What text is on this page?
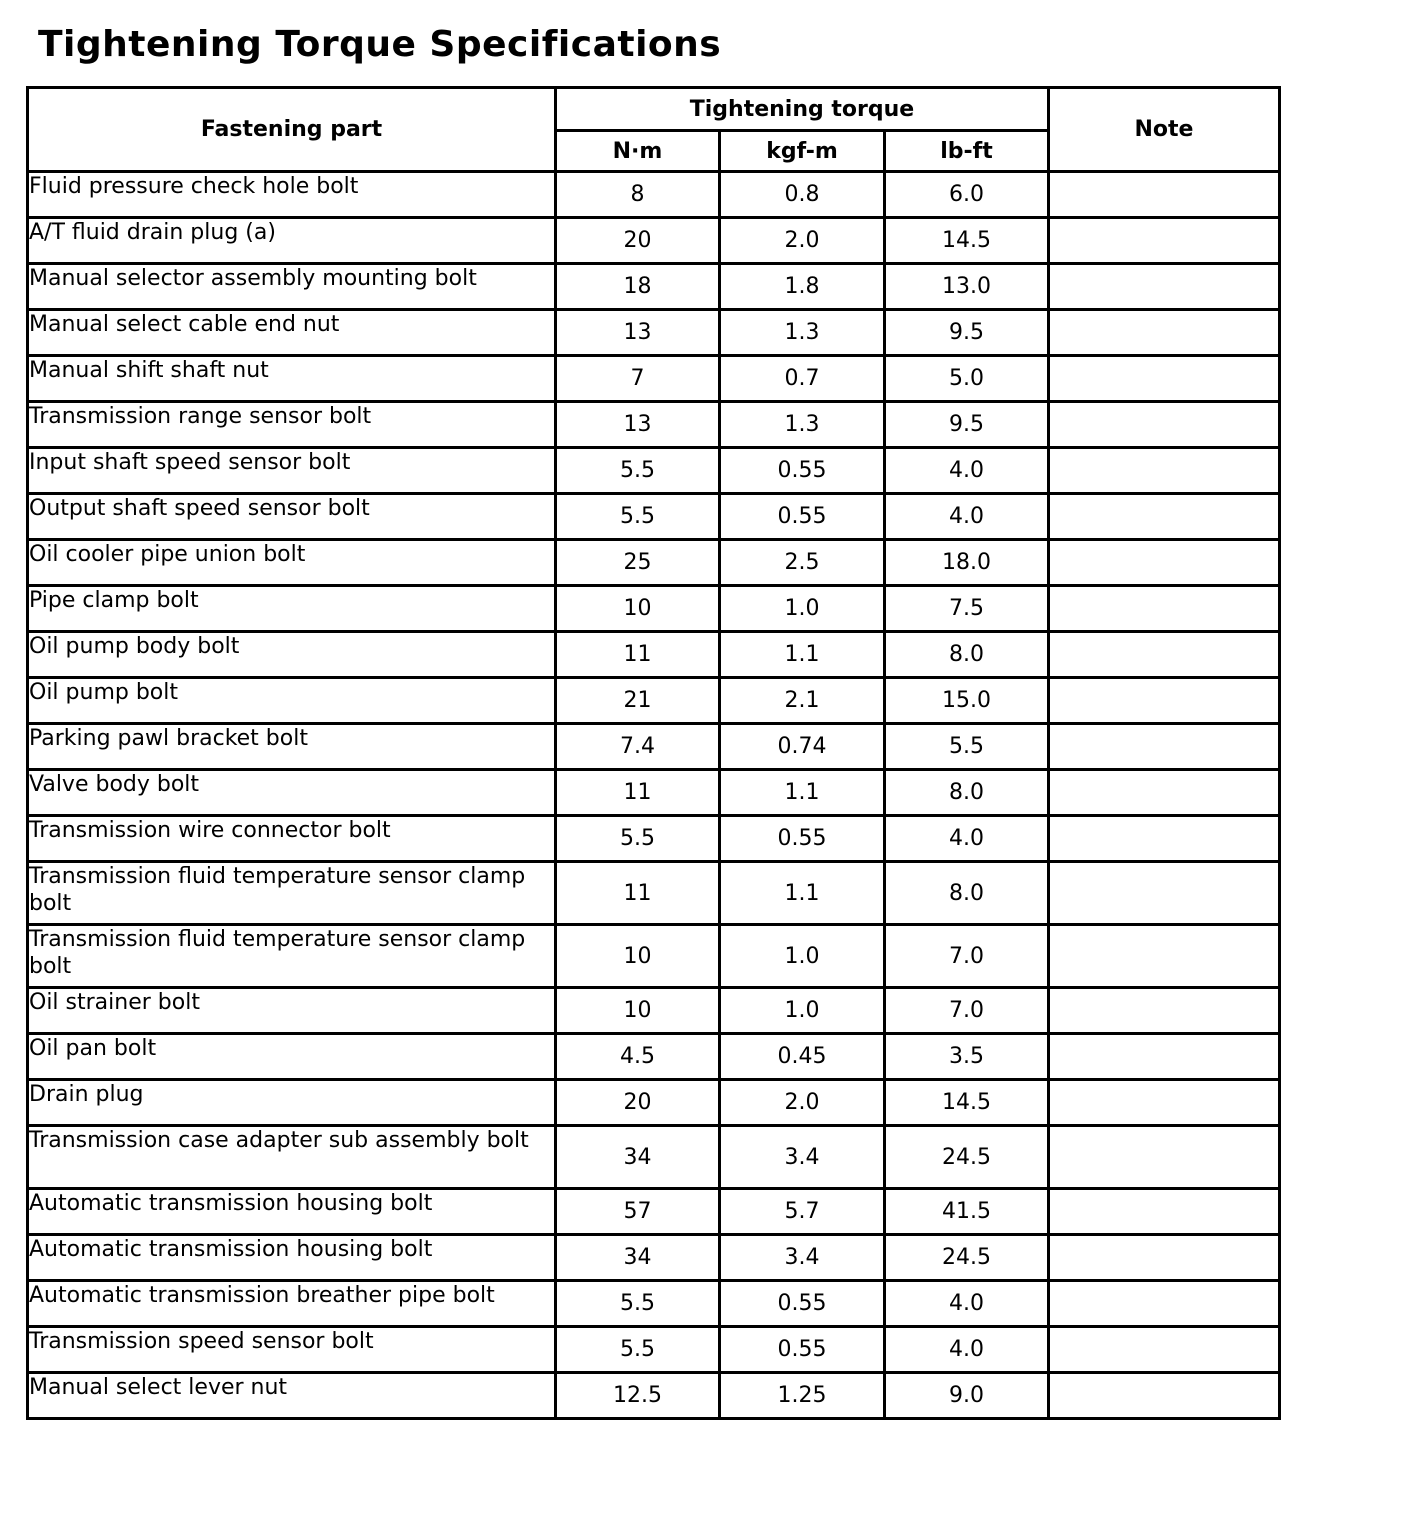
Tightening Torque Specifications
Fastening part	Tightening torque			Note
	N·m	kgf-m	lb-ft	
Fluid pressure check hole bolt	8	0.8	6.0	
A/T fluid drain plug (a)	20	2.0	14.5	
Manual selector assembly mounting bolt	18	1.8	13.0	
Manual select cable end nut	13	1.3	9.5	
Manual shift shaft nut	7	0.7	5.0	
Transmission range sensor bolt	13	1.3	9.5	
Input shaft speed sensor bolt	5.5	0.55	4.0	
Output shaft speed sensor bolt	5.5	0.55	4.0	
Oil cooler pipe union bolt	25	2.5	18.0	
Pipe clamp bolt	10	1.0	7.5	
Oil pump body bolt	11	1.1	8.0	
Oil pump bolt	21	2.1	15.0	
Parking pawl bracket bolt	7.4	0.74	5.5	
Valve body bolt	11	1.1	8.0	
Transmission wire connector bolt	5.5	0.55	4.0	
Transmission fluid temperature sensor clamp bolt	11	1.1	8.0	
Transmission fluid temperature sensor clamp bolt	10	1.0	7.0	
Oil strainer bolt	10	1.0	7.0	
Oil pan bolt	4.5	0.45	3.5	
Drain plug	20	2.0	14.5	
Transmission case adapter sub assembly bolt	34	3.4	24.5	
Automatic transmission housing bolt	57	5.7	41.5	
Automatic transmission housing bolt	34	3.4	24.5	
Automatic transmission breather pipe bolt	5.5	0.55	4.0	
Transmission speed sensor bolt	5.5	0.55	4.0	
Manual select lever nut	12.5	1.25	9.0	
